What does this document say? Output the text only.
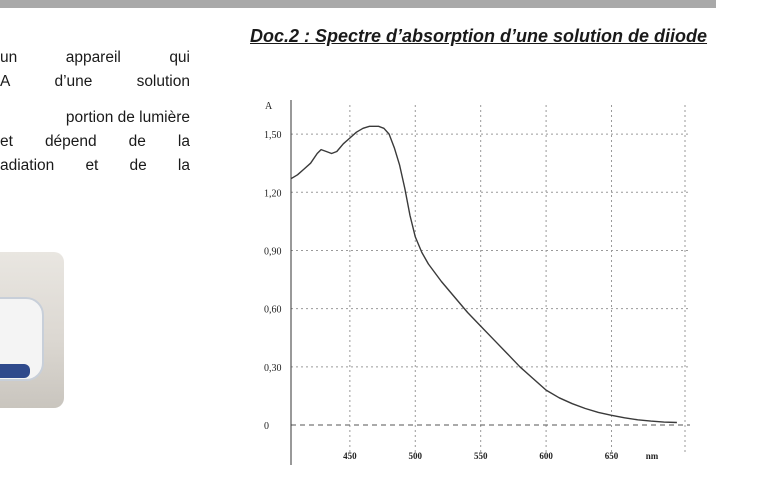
un	appareil	qui
A	d’une	solution
portion de lumière
et dépend de la
adiation et de la
Doc.2 : Spectre d’absorption d’une solution de diiode
0
0,30
0,60
0,90
1,20
1,50
A
450	500	550	600	650	nm
